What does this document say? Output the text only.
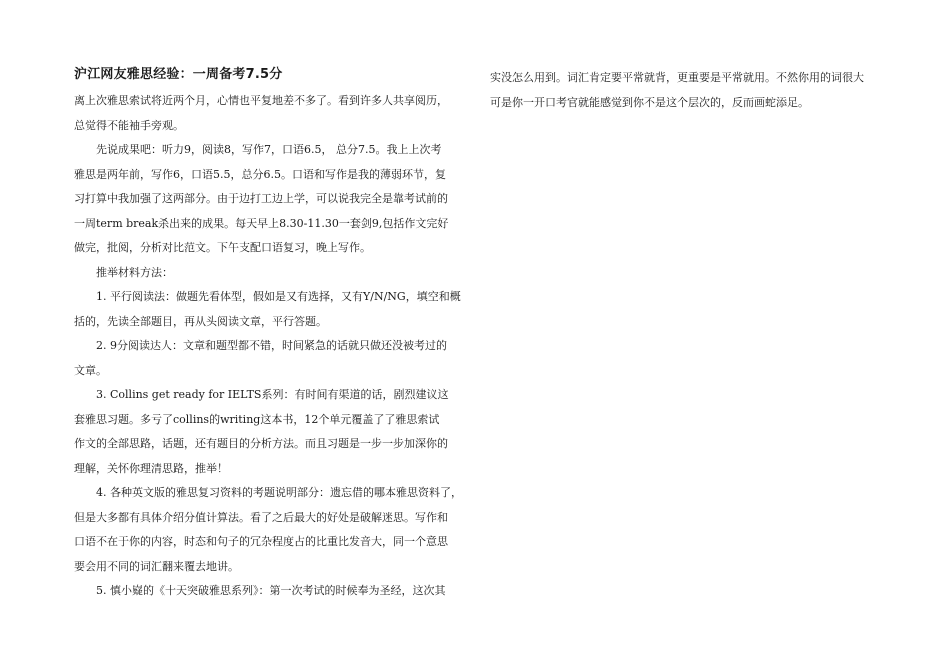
沪江网友雅思经验：一周备考7.5分
离上次雅思索试将近两个月，心情也平复地差不多了。看到许多人共享阅历，
总觉得不能袖手旁观。
先说成果吧：听力9，阅读8，写作7，口语6.5， 总分7.5。我上上次考
雅思是两年前，写作6，口语5.5，总分6.5。口语和写作是我的薄弱环节，复
习打算中我加强了这两部分。由于边打工边上学，可以说我完全是靠考试前的
一周term break杀出来的成果。每天早上8.30-11.30一套剑9,包括作文完好
做完，批阅，分析对比范文。下午支配口语复习，晚上写作。
推举材料方法：
1. 平行阅读法：做题先看体型，假如是又有选择，又有Y/N/NG，填空和概
括的，先读全部题目，再从头阅读文章，平行答题。
2. 9分阅读达人：文章和题型都不错，时间紧急的话就只做还没被考过的
文章。
3. Collins get ready for IELTS系列：有时间有渠道的话，剧烈建议这
套雅思习题。多亏了collins的writing这本书，12个单元覆盖了了雅思索试
作文的全部思路，话题，还有题目的分析方法。而且习题是一步一步加深你的
理解，关怀你理清思路，推举！
4. 各种英文版的雅思复习资料的考题说明部分：遗忘借的哪本雅思资料了，
但是大多都有具体介绍分值计算法。看了之后最大的好处是破解迷思。写作和
口语不在于你的内容，时态和句子的冗杂程度占的比重比发音大，同一个意思
要会用不同的词汇翻来覆去地讲。
5. 慎小嶷的《十天突破雅思系列》：第一次考试的时候奉为圣经，这次其
实没怎么用到。词汇肯定要平常就背，更重要是平常就用。不然你用的词很大
可是你一开口考官就能感觉到你不是这个层次的，反而画蛇添足。
